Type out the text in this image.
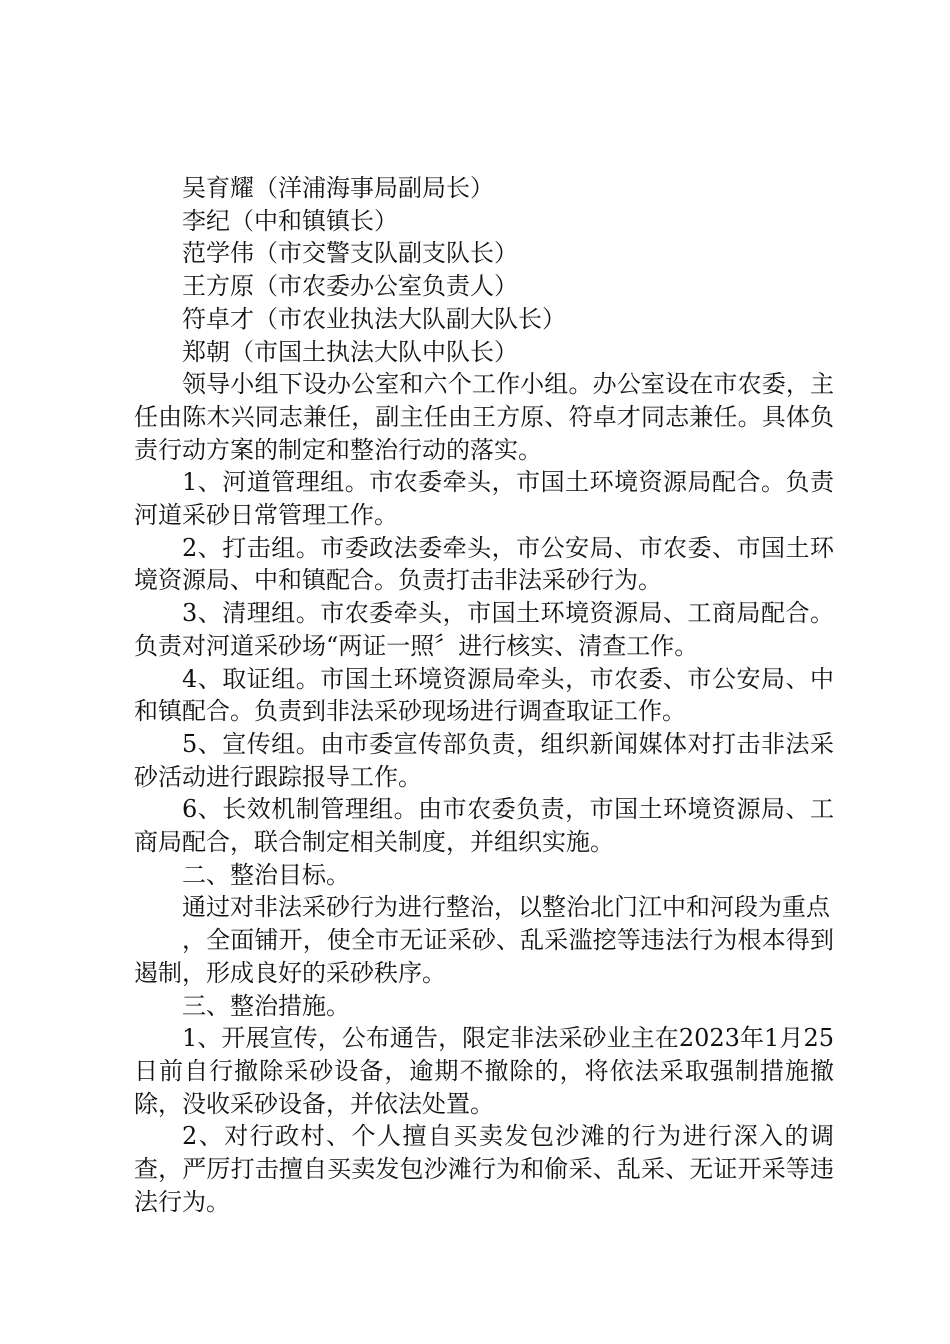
吴育耀（洋浦海事局副局长）

李纪（中和镇镇长）

范学伟（市交警支队副支队长）

王方原（市农委办公室负责人）

符卓才（市农业执法大队副大队长）

郑朝（市国土执法大队中队长）

领导小组下设办公室和六个工作小组。办公室设在市农委，主任由陈木兴同志兼任，副主任由王方原、符卓才同志兼任。具体负责行动方案的制定和整治行动的落实。

1、河道管理组。市农委牵头，市国土环境资源局配合。负责河道采砂日常管理工作。

2、打击组。市委政法委牵头，市公安局、市农委、市国土环境资源局、中和镇配合。负责打击非法采砂行为。

3、清理组。市农委牵头，市国土环境资源局、工商局配合。负责对河道采砂场“两证一照〞进行核实、清查工作。

4、取证组。市国土环境资源局牵头，市农委、市公安局、中和镇配合。负责到非法采砂现场进行调查取证工作。

5、宣传组。由市委宣传部负责，组织新闻媒体对打击非法采砂活动进行跟踪报导工作。

6、长效机制管理组。由市农委负责，市国土环境资源局、工商局配合，联合制定相关制度，并组织实施。

二、整治目标。

通过对非法采砂行为进行整治，以整治北门江中和河段为重点

，全面铺开，使全市无证采砂、乱采滥挖等违法行为根本得到遏制，形成良好的采砂秩序。

三、整治措施。

1、开展宣传，公布通告，限定非法采砂业主在2023年1月25日前自行撤除采砂设备，逾期不撤除的，将依法采取强制措施撤除，没收采砂设备，并依法处置。

2、对行政村、个人擅自买卖发包沙滩的行为进行深入的调查，严厉打击擅自买卖发包沙滩行为和偷采、乱采、无证开采等违法行为。
